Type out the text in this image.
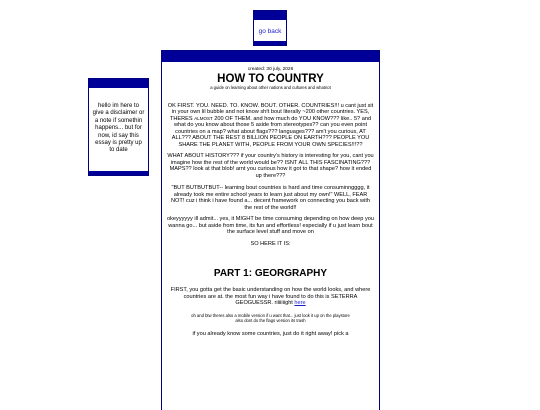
go back
hello im here to give a disclaimer or a note if somethin happens... but for now, id say this essay is pretty up to date
created: 30 july, 2026
HOW TO COUNTRY
a guide on learning about other nations and cultures and whatnot

OK FIRST. YOU. NEED. TO. KNOW. BOUT. OTHER. COUNTRIES!!! u cant just sit in your own lil bubble and not know sh!t bout literally ~200 other countries. YES, THERES ALMOST 200 OF THEM. and how much do YOU KNOW??? like.. 5? and what do you know about those 5 aside from stereotypes?? can you even point countries on a map? what about flags??? languages??? am't you curious, AT ALL??? ABOUT THE REST 8 BILLION PEOPLE ON EARTH??? PEOPLE YOU SHARE THE PLANET WITH, PEOPLE FROM YOUR OWN SPECIES!!!??

WHAT ABOUT HISTORY??? if your country's history is interesting for you, cant you imagine how the rest of the world would be?? ISNT ALL THIS FASCINATING??? MAPS?? look at that blob! arnt you curious how it got to that shape? how it ended up there???

"BUT BUTBUTBUT-- learning bout countries is hard and time consuminngggg, it already took me entire school years to learn just about my own!" WELL, FEAR NOT! cuz i think i have found a... decent framework on connecting you back with the rest of the world!!

okeyyyyyy ill admit... yes, it MIGHT be time consuming depending on how deep you wanna go... but aside from time, its fun and effortless! especially if u just learn bout the surface level stuff and move on

SO HERE IT IS:

PART 1: GEORGRAPHY

FIRST, you gotta get the basic understanding on how the world looks, and where countries are at. the most fun way i have found to do this is SETERRA GEOGUESSR. riiiiiiight here

oh and btw theres also a mobile version if u want that... just look it up on the playstore
also dont do the flags version its trash

if you already know some countries, just do it right away! pick a
